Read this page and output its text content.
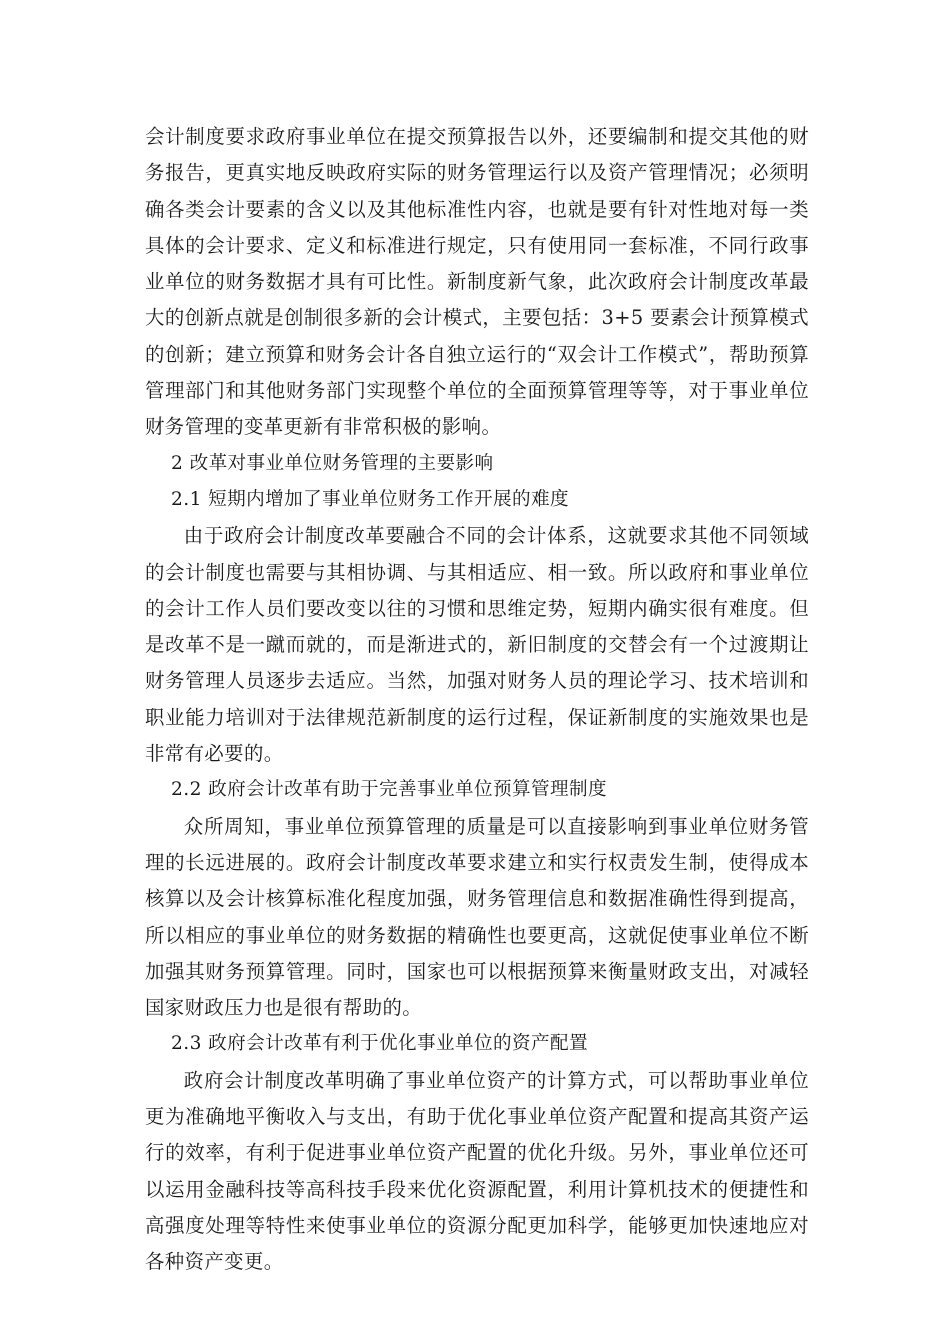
会计制度要求政府事业单位在提交预算报告以外，还要编制和提交其他的财务报告，更真实地反映政府实际的财务管理运行以及资产管理情况；必须明确各类会计要素的含义以及其他标准性内容，也就是要有针对性地对每一类具体的会计要求、定义和标准进行规定，只有使用同一套标准，不同行政事业单位的财务数据才具有可比性。新制度新气象，此次政府会计制度改革最大的创新点就是创制很多新的会计模式，主要包括：3+5 要素会计预算模式的创新；建立预算和财务会计各自独立运行的“双会计工作模式”，帮助预算管理部门和其他财务部门实现整个单位的全面预算管理等等，对于事业单位财务管理的变革更新有非常积极的影响。

2 改革对事业单位财务管理的主要影响

2.1 短期内增加了事业单位财务工作开展的难度

由于政府会计制度改革要融合不同的会计体系，这就要求其他不同领域的会计制度也需要与其相协调、与其相适应、相一致。所以政府和事业单位的会计工作人员们要改变以往的习惯和思维定势，短期内确实很有难度。但是改革不是一蹴而就的，而是渐进式的，新旧制度的交替会有一个过渡期让财务管理人员逐步去适应。当然，加强对财务人员的理论学习、技术培训和职业能力培训对于法律规范新制度的运行过程，保证新制度的实施效果也是非常有必要的。

2.2 政府会计改革有助于完善事业单位预算管理制度

众所周知，事业单位预算管理的质量是可以直接影响到事业单位财务管理的长远进展的。政府会计制度改革要求建立和实行权责发生制，使得成本核算以及会计核算标准化程度加强，财务管理信息和数据准确性得到提高，所以相应的事业单位的财务数据的精确性也要更高，这就促使事业单位不断加强其财务预算管理。同时，国家也可以根据预算来衡量财政支出，对减轻国家财政压力也是很有帮助的。

2.3 政府会计改革有利于优化事业单位的资产配置

政府会计制度改革明确了事业单位资产的计算方式，可以帮助事业单位更为准确地平衡收入与支出，有助于优化事业单位资产配置和提高其资产运行的效率，有利于促进事业单位资产配置的优化升级。另外，事业单位还可以运用金融科技等高科技手段来优化资源配置，利用计算机技术的便捷性和高强度处理等特性来使事业单位的资源分配更加科学，能够更加快速地应对各种资产变更。
